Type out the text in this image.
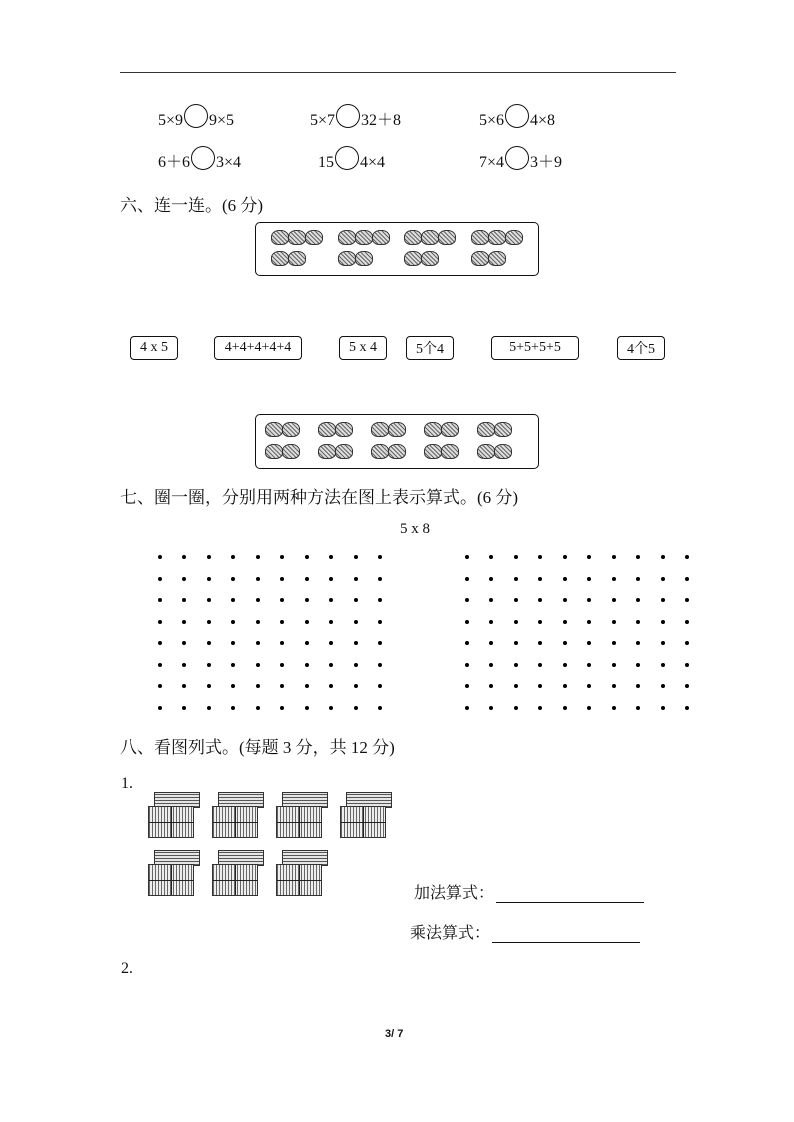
5×9 9×5	5×7 32＋8	5×6 4×8
6＋6 3×4	15 4×4	7×4 3＋9
六、连一连。(6 分)
4 x 5	4+4+4+4+4	5 x 4	5个4	5+5+5+5	4个5
七、圈一圈，分别用两种方法在图上表示算式。(6 分)
5 x 8
八、看图列式。(每题 3 分，共 12 分)
1.
加法算式：
乘法算式：
2.
3/ 7
